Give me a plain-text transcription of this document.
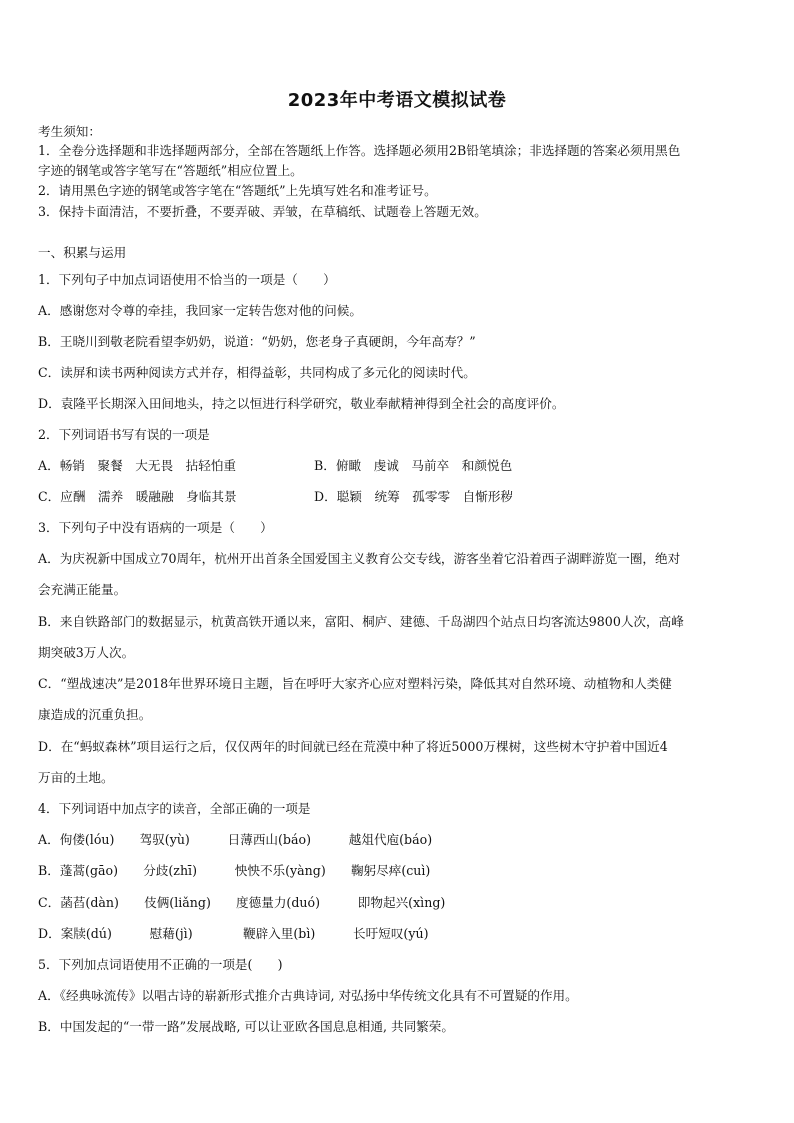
2023年中考语文模拟试卷
考生须知：
1．全卷分选择题和非选择题两部分，全部在答题纸上作答。选择题必须用2B铅笔填涂；非选择题的答案必须用黑色
字迹的钢笔或答字笔写在“答题纸”相应位置上。
2．请用黑色字迹的钢笔或答字笔在“答题纸”上先填写姓名和准考证号。
3．保持卡面清洁，不要折叠，不要弄破、弄皱，在草稿纸、试题卷上答题无效。
一、积累与运用
1．下列句子中加点词语使用不恰当的一项是（　　）
A．感谢您对令尊的牵挂，我回家一定转告您对他的问候。
B．王晓川到敬老院看望李奶奶，说道：“奶奶，您老身子真硬朗，今年高寿？”
C．读屏和读书两种阅读方式并存，相得益彰，共同构成了多元化的阅读时代。
D．袁隆平长期深入田间地头，持之以恒进行科学研究，敬业奉献精神得到全社会的高度评价。
2．下列词语书写有误的一项是
A．畅销　聚餐　大无畏　拈轻怕重	B．俯瞰　虔诚　马前卒　和颜悦色
C．应酬　濡养　暖融融　身临其景	D．聪颖　统筹　孤零零　自惭形秽
3．下列句子中没有语病的一项是（　　）
A．为庆祝新中国成立70周年，杭州开出首条全国爱国主义教育公交专线，游客坐着它沿着西子湖畔游览一圈，绝对
会充满正能量。
B．来自铁路部门的数据显示，杭黄高铁开通以来，富阳、桐庐、建德、千岛湖四个站点日均客流达9800人次，高峰
期突破3万人次。
C．“塑战速决”是2018年世界环境日主题，旨在呼吁大家齐心应对塑料污染，降低其对自然环境、动植物和人类健
康造成的沉重负担。
D．在“蚂蚁森林”项目运行之后，仅仅两年的时间就已经在荒漠中种了将近5000万棵树，这些树木守护着中国近4
万亩的土地。
4．下列词语中加点字的读音，全部正确的一项是
A．佝偻(lóu)　　驾驭(yù)　　　日薄西山(báo)　　　越俎代庖(báo)
B．蓬蒿(gāo)　　分歧(zhī)　　　怏怏不乐(yàng)　　鞠躬尽瘁(cuì)
C．菡萏(dàn)　　伎俩(liǎng)　　度德量力(duó)　　　即物起兴(xìng)
D．案牍(dú)　　　慰藉(jì)　　　　鞭辟入里(bì)　　　长吁短叹(yú)
5．下列加点词语使用不正确的一项是(　　)
A．《经典咏流传》以唱古诗的崭新形式推介古典诗词, 对弘扬中华传统文化具有不可置疑的作用。
B．中国发起的“一带一路”发展战略, 可以让亚欧各国息息相通, 共同繁荣。
